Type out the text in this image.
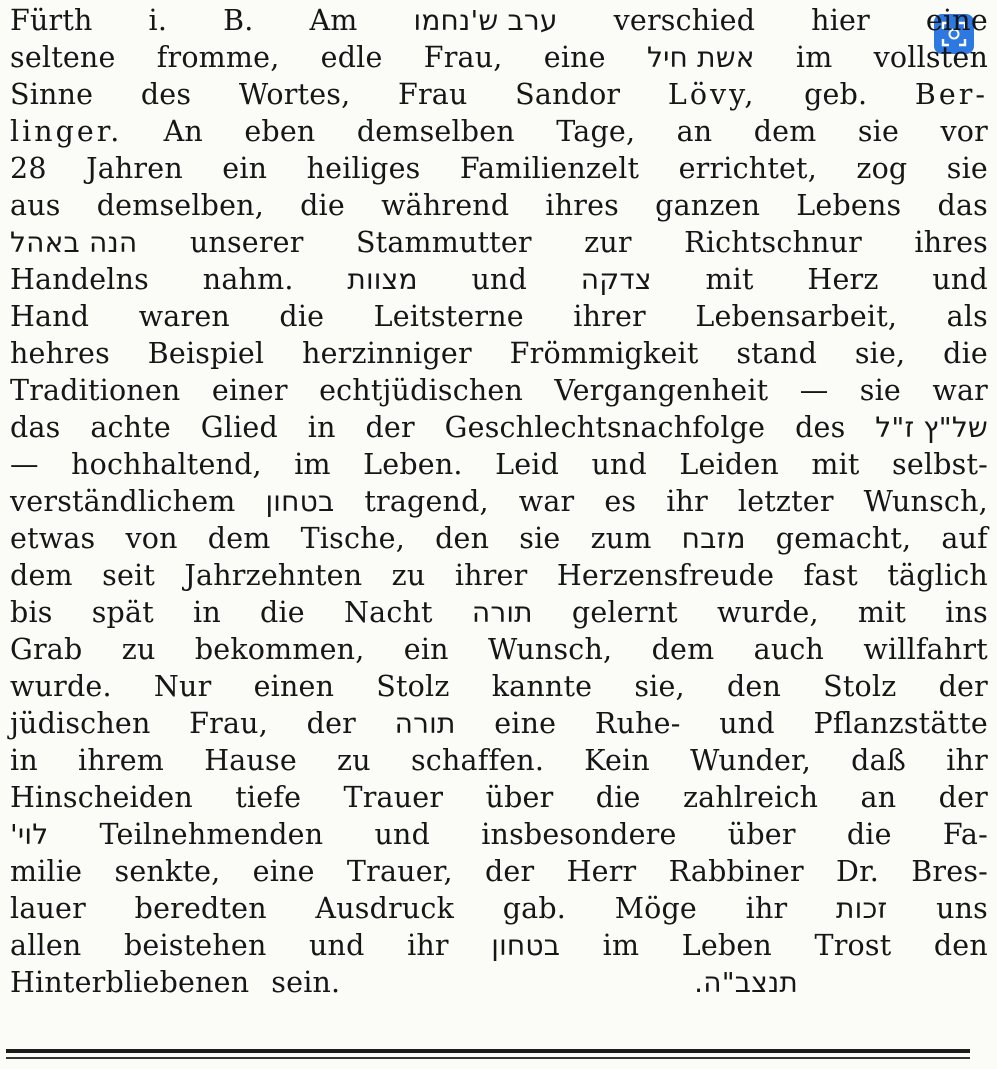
Fürth i. B. Am ערב ש'נחמו verschied hier eine
seltene fromme, edle Frau, eine אשת חיל im vollsten
Sinne des Wortes, Frau Sandor Lövy, geb. Ber-
linger. An eben demselben Tage, an dem sie vor
28 Jahren ein heiliges Familienzelt errichtet, zog sie
aus demselben, die während ihres ganzen Lebens das
הנה באהל unserer Stammutter zur Richtschnur ihres
Handelns nahm. מצוות und צדקה mit Herz und
Hand waren die Leitsterne ihrer Lebensarbeit, als
hehres Beispiel herzinniger Frömmigkeit stand sie, die
Traditionen einer echtjüdischen Vergangenheit — sie war
das achte Glied in der Geschlechtsnachfolge des של"ץ ז"ל
— hochhaltend, im Leben. Leid und Leiden mit selbst-
verständlichem בטחון tragend, war es ihr letzter Wunsch,
etwas von dem Tische, den sie zum מזבח gemacht, auf
dem seit Jahrzehnten zu ihrer Herzensfreude fast täglich
bis spät in die Nacht תורה gelernt wurde, mit ins
Grab zu bekommen, ein Wunsch, dem auch willfahrt
wurde. Nur einen Stolz kannte sie, den Stolz der
jüdischen Frau, der תורה eine Ruhe- und Pflanzstätte
in ihrem Hause zu schaffen. Kein Wunder, daß ihr
Hinscheiden tiefe Trauer über die zahlreich an der
לוי' Teilnehmenden und insbesondere über die Fa-
milie senkte, eine Trauer, der Herr Rabbiner Dr. Bres-
lauer beredten Ausdruck gab. Möge ihr זכות uns
allen beistehen und ihr בטחון im Leben Trost den
Hinterbliebenen sein.	תנצב"ה.
